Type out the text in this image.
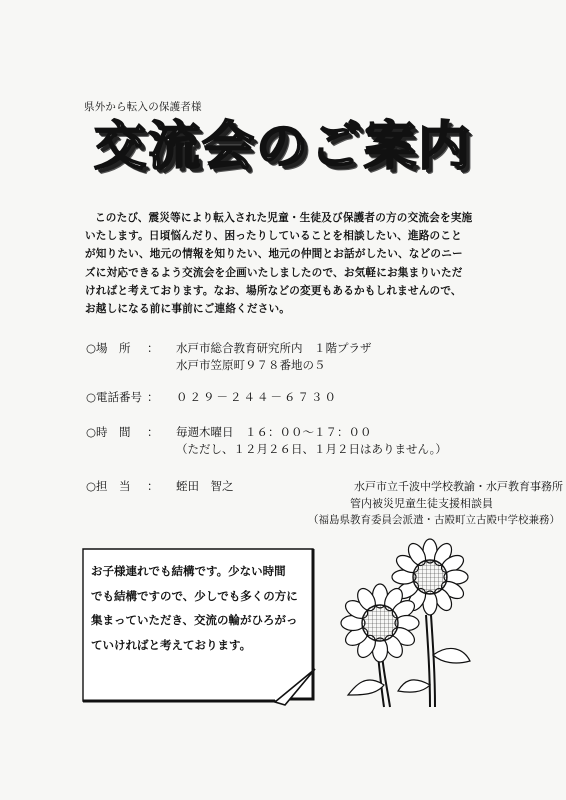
県外から転入の保護者様
交流会のご案内
このたび、震災等により転入された児童・生徒及び保護者の方の交流会を実施
いたします。日頃悩んだり、困ったりしていることを相談したい、進路のこと
が知りたい、地元の情報を知りたい、地元の仲間とお話がしたい、などのニー
ズに対応できるよう交流会を企画いたしましたので、お気軽にお集まりいただ
ければと考えております。なお、場所などの変更もあるかもしれませんので、
お越しになる前に事前にご連絡ください。
○場　所 ： 水戸市総合教育研究所内　１階プラザ
水戸市笠原町９７８番地の５
○電話番号 ： ０２９－２４４－６７３０
○時　間 ： 毎週木曜日　１６：００～１７：００
（ただし、１２月２６日、１月２日はありません。）
○担　当 ： 蛭田　智之	水戸市立千波中学校教諭・水戸教育事務所
管内被災児童生徒支援相談員
（福島県教育委員会派遣・古殿町立古殿中学校兼務）
お子様連れでも結構です。少ない時間
でも結構ですので、少しでも多くの方に
集まっていただき、交流の輪がひろがっ
ていければと考えております。
